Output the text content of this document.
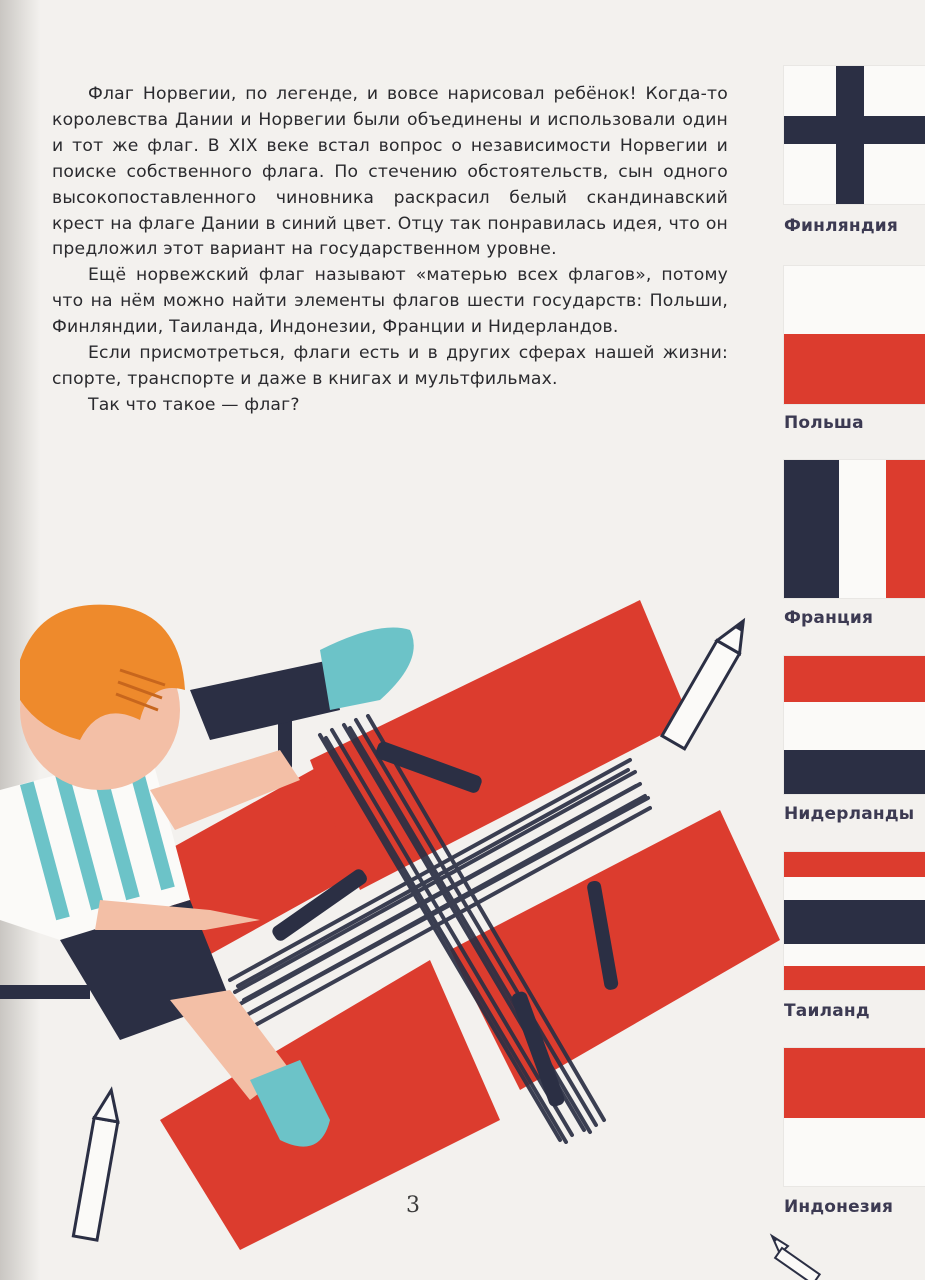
Флаг Норвегии, по легенде, и вовсе нарисовал ребёнок! Когда-то королевства Дании и Норвегии были объединены и использовали один и тот же флаг. В XIX веке встал вопрос о независимости Норвегии и поиске собственного флага. По стечению обстоятельств, сын одного высокопоставленного чиновника раскрасил белый скандинавский крест на флаге Дании в синий цвет. Отцу так понравилась идея, что он предложил этот вариант на государственном уровне.

Ещё норвежский флаг называют «матерью всех флагов», потому что на нём можно найти элементы флагов шести государств: Польши, Финляндии, Таиланда, Индонезии, Франции и Нидерландов.

Если присмотреться, флаги есть и в других сферах нашей жизни: спорте, транспорте и даже в книгах и мультфильмах.

Так что такое — флаг?

Финляндия
Польша
Франция
Нидерланды
Таиланд
Индонезия
3
